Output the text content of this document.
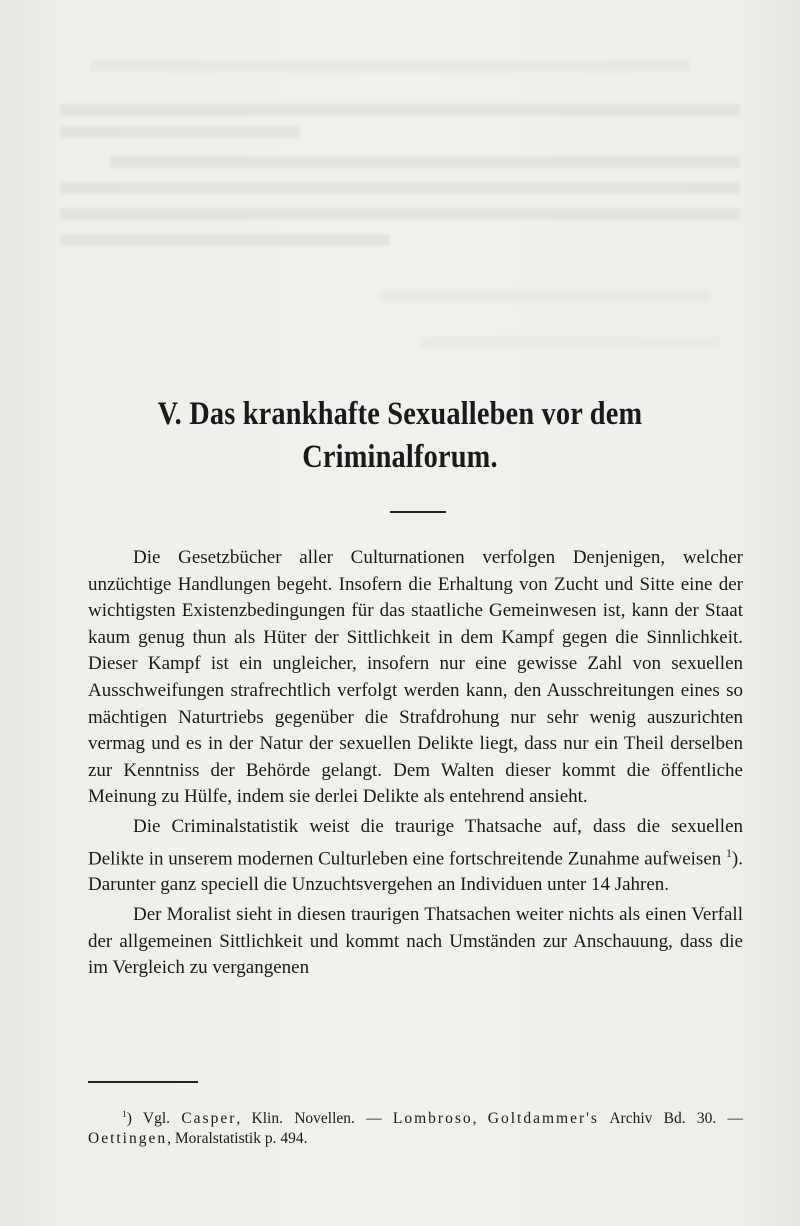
V. Das krankhafte Sexualleben vor dem
Criminalforum.

Die Gesetzbücher aller Culturnationen verfolgen Denjenigen, welcher unzüchtige Handlungen begeht. Insofern die Erhaltung von Zucht und Sitte eine der wichtigsten Existenzbedingungen für das staatliche Gemeinwesen ist, kann der Staat kaum genug thun als Hüter der Sittlichkeit in dem Kampf gegen die Sinnlichkeit. Dieser Kampf ist ein ungleicher, insofern nur eine gewisse Zahl von sexuellen Ausschweifungen strafrechtlich verfolgt werden kann, den Ausschreitungen eines so mächtigen Naturtriebs gegenüber die Strafdrohung nur sehr wenig auszurichten vermag und es in der Natur der sexuellen Delikte liegt, dass nur ein Theil derselben zur Kenntniss der Behörde gelangt. Dem Walten dieser kommt die öffentliche Meinung zu Hülfe, indem sie derlei Delikte als entehrend ansieht.

Die Criminalstatistik weist die traurige Thatsache auf, dass die sexuellen Delikte in unserem modernen Culturleben eine fortschreitende Zunahme aufweisen $^1$). Darunter ganz speciell die Unzuchtsvergehen an Individuen unter 14 Jahren.

Der Moralist sieht in diesen traurigen Thatsachen weiter nichts als einen Verfall der allgemeinen Sittlichkeit und kommt nach Umständen zur Anschauung, dass die im Vergleich zu vergangenen

$^1$) Vgl. Casper, Klin. Novellen. — Lombroso, Goltdammer's Archiv Bd. 30. — Oettingen, Moralstatistik p. 494.
